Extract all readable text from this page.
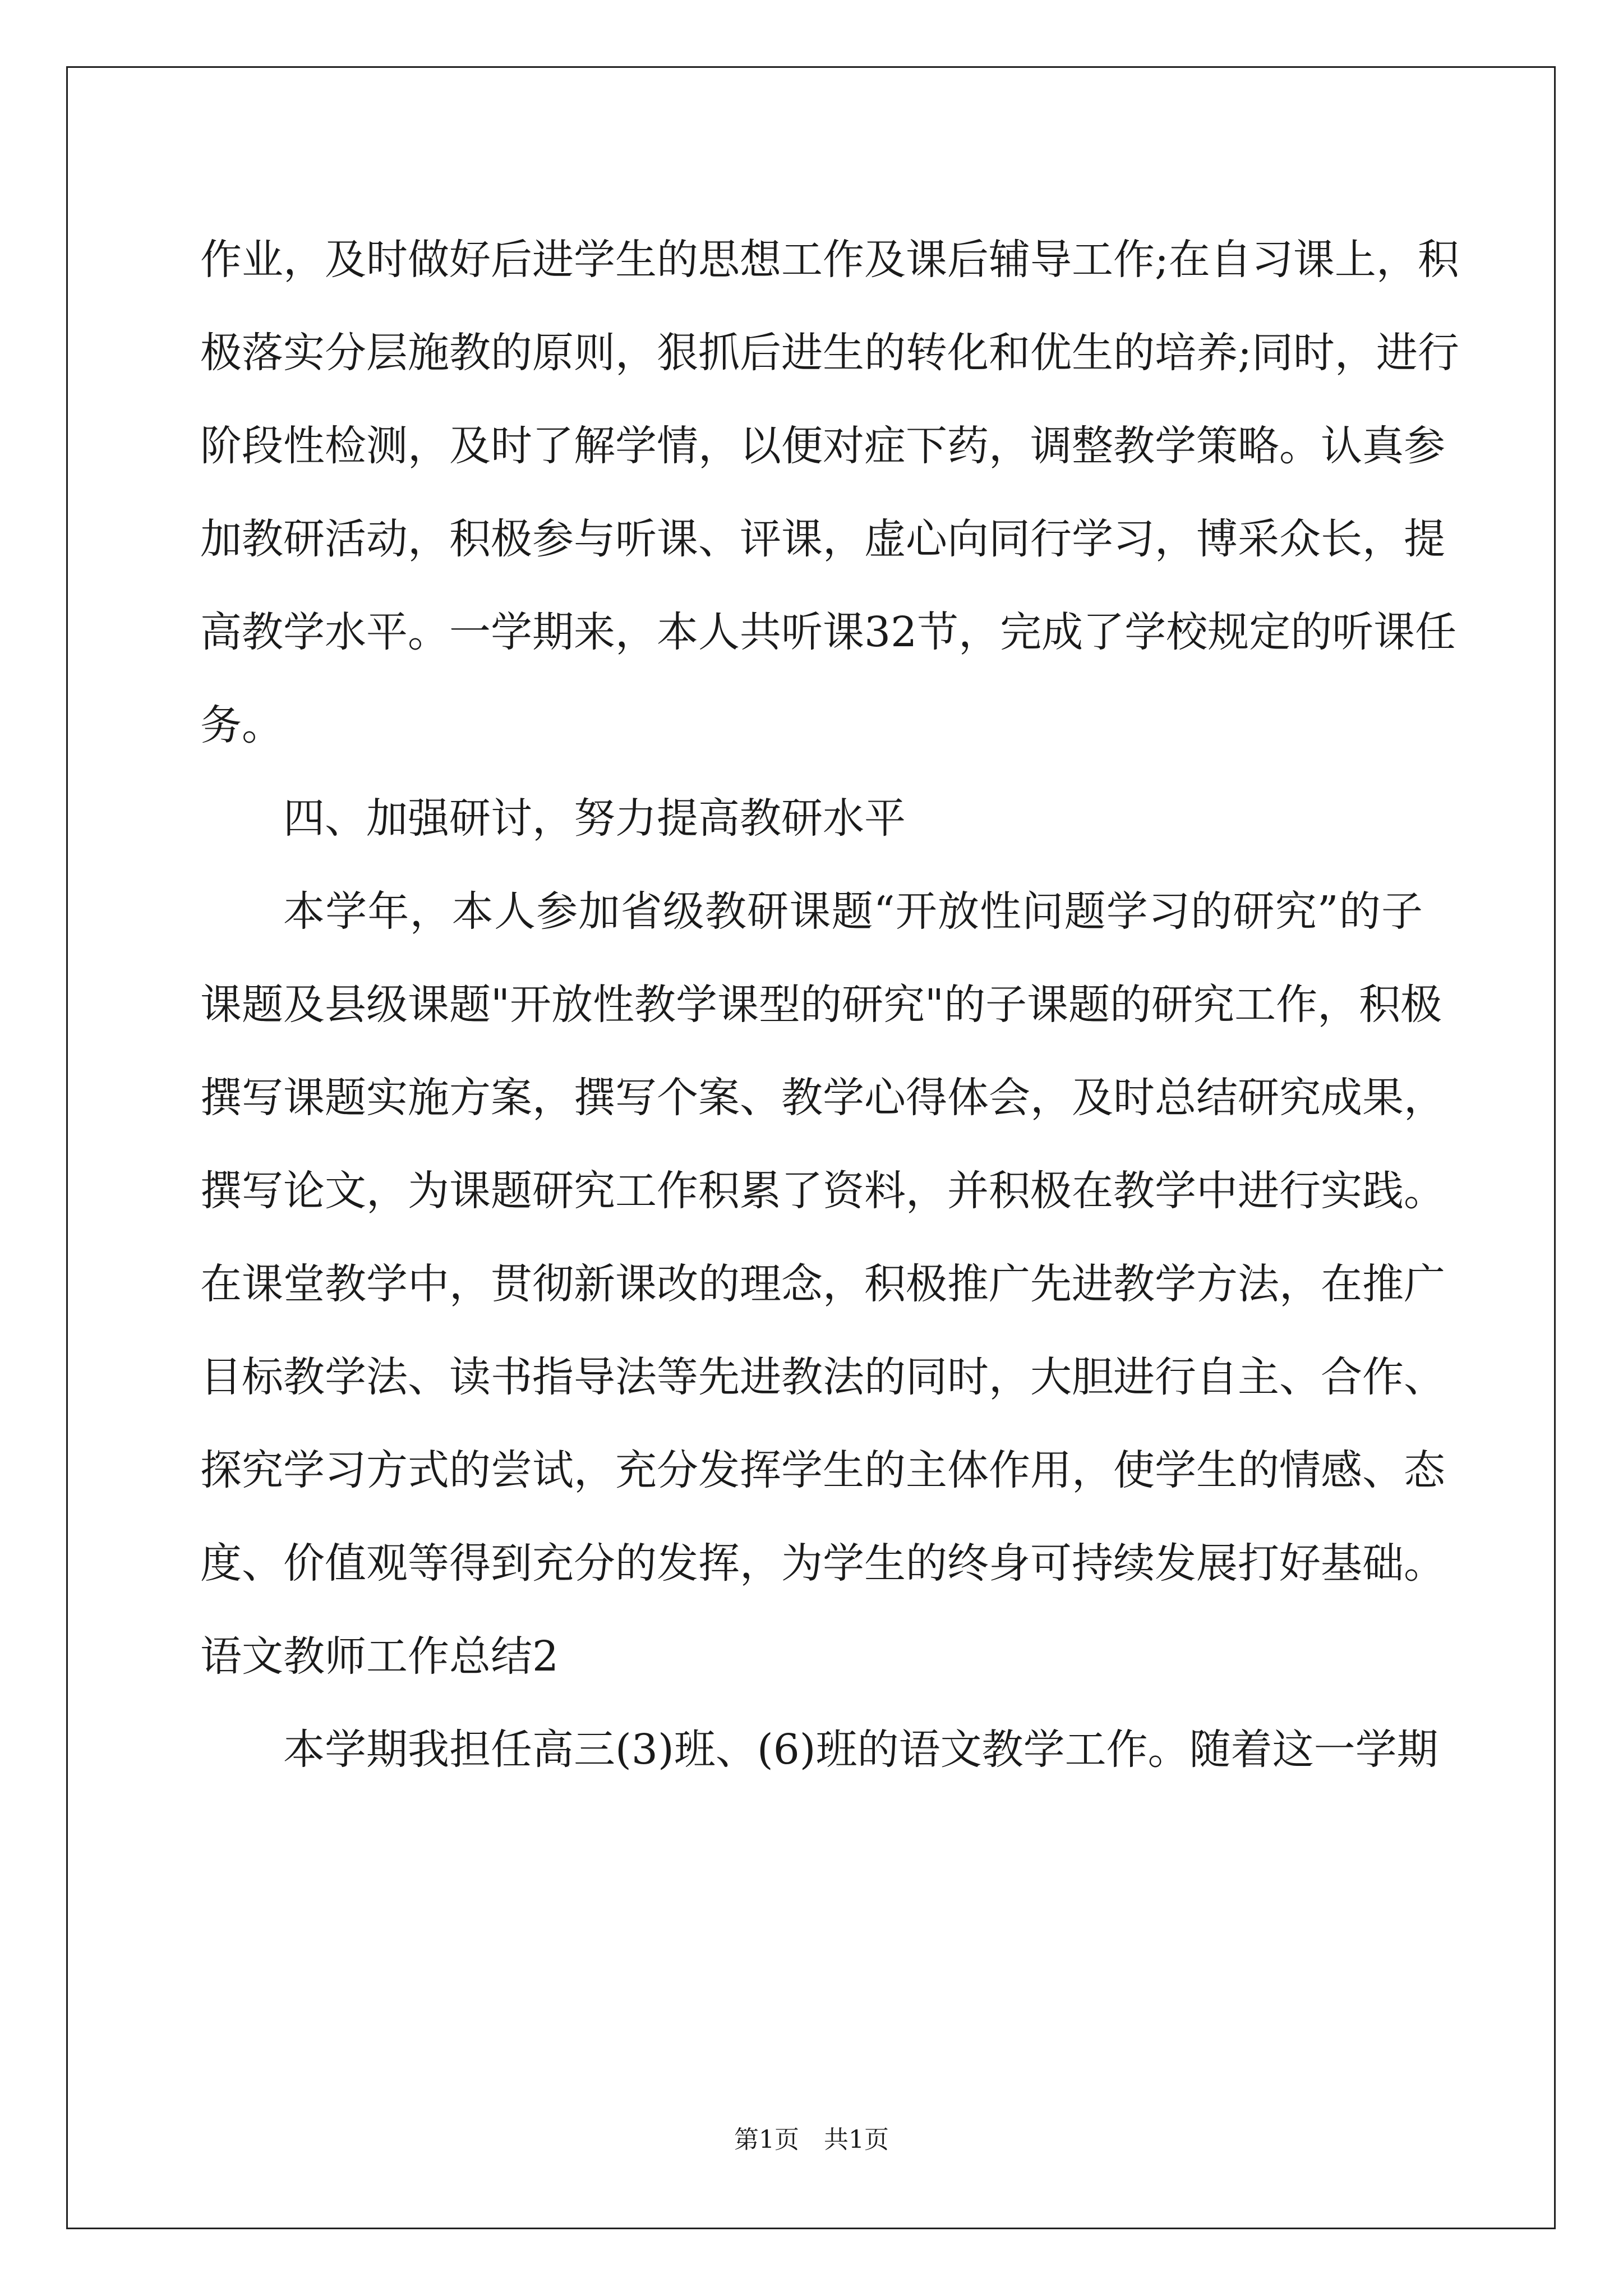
作业，及时做好后进学生的思想工作及课后辅导工作;在自习课上，积
极落实分层施教的原则，狠抓后进生的转化和优生的培养;同时，进行
阶段性检测，及时了解学情，以便对症下药，调整教学策略。认真参
加教研活动，积极参与听课、评课，虚心向同行学习，博采众长，提
高教学水平。一学期来，本人共听课32节，完成了学校规定的听课任
务。
四、加强研讨，努力提高教研水平
本学年，本人参加省级教研课题“开放性问题学习的研究”的子
课题及县级课题"开放性教学课型的研究"的子课题的研究工作，积极
撰写课题实施方案，撰写个案、教学心得体会，及时总结研究成果，
撰写论文，为课题研究工作积累了资料，并积极在教学中进行实践。
在课堂教学中，贯彻新课改的理念，积极推广先进教学方法，在推广
目标教学法、读书指导法等先进教法的同时，大胆进行自主、合作、
探究学习方式的尝试，充分发挥学生的主体作用，使学生的情感、态
度、价值观等得到充分的发挥，为学生的终身可持续发展打好基础。
语文教师工作总结2
本学期我担任高三(3)班、(6)班的语文教学工作。随着这一学期
第1页 共1页
